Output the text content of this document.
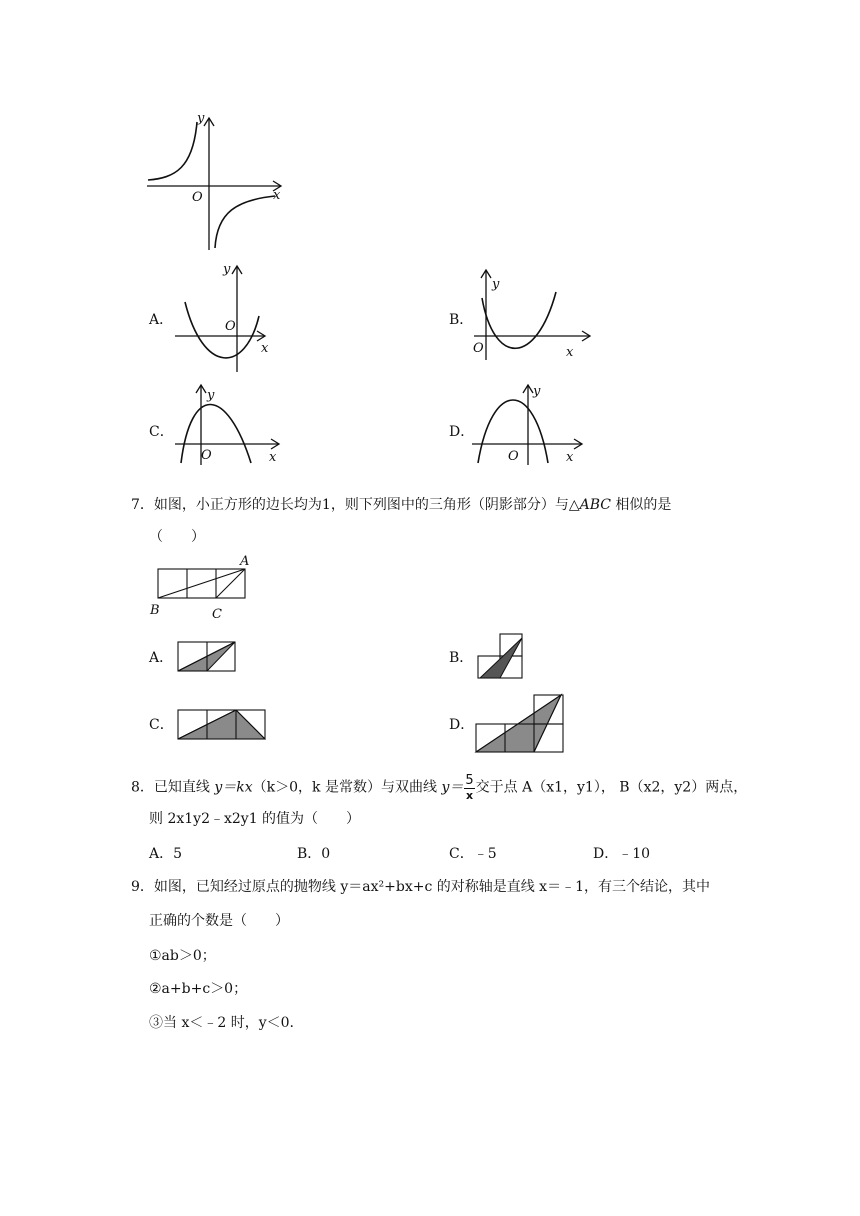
y
x
O
A．
y
x
O	B．
y
x
O
C．
y
x
O
D．
y
x
O
7．如图，小正方形的边长均为1，则下列图中的三角形（阴影部分）与△ABC 相似的是
（　　）
A
B	C
A．	B．
C．	D．
8．已知直线 y＝kx（k＞0，k 是常数）与双曲线 $y= \frac{5}{x}$ 交于点 A（x1，y1）， B（x2，y2）两点，
则 2x1y2﹣x2y1 的值为（　　）
A．5	B．0	C．﹣5	D．﹣10
9．如图，已知经过原点的抛物线 y＝ax²+bx+c 的对称轴是直线 x＝﹣1，有三个结论，其中
正确的个数是（　　）
①ab＞0；
②a+b+c＞0；
③当 x＜﹣2 时，y＜0.
